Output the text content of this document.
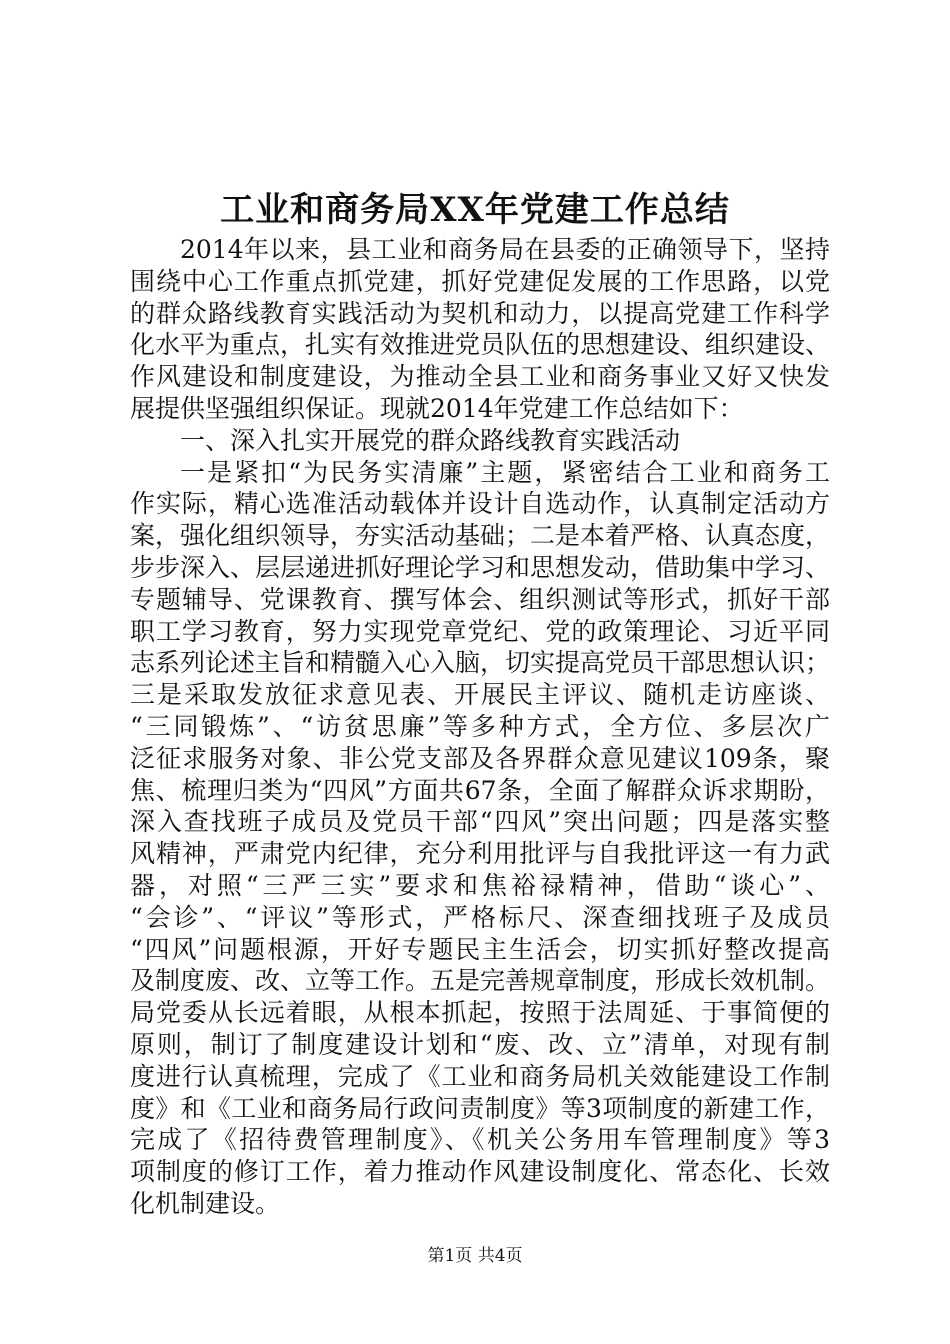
工业和商务局XX年党建工作总结
2014年以来，县工业和商务局在县委的正确领导下，坚持
围绕中心工作重点抓党建，抓好党建促发展的工作思路，以党
的群众路线教育实践活动为契机和动力，以提高党建工作科学
化水平为重点，扎实有效推进党员队伍的思想建设、组织建设、
作风建设和制度建设，为推动全县工业和商务事业又好又快发
展提供坚强组织保证。现就2014年党建工作总结如下：
一、深入扎实开展党的群众路线教育实践活动
一是紧扣“为民务实清廉”主题，紧密结合工业和商务工
作实际，精心选准活动载体并设计自选动作，认真制定活动方
案，强化组织领导，夯实活动基础；二是本着严格、认真态度，
步步深入、层层递进抓好理论学习和思想发动，借助集中学习、
专题辅导、党课教育、撰写体会、组织测试等形式，抓好干部
职工学习教育，努力实现党章党纪、党的政策理论、习近平同
志系列论述主旨和精髓入心入脑，切实提高党员干部思想认识；
三是采取发放征求意见表、开展民主评议、随机走访座谈、
“三同锻炼”、“访贫思廉”等多种方式，全方位、多层次广
泛征求服务对象、非公党支部及各界群众意见建议109条，聚
焦、梳理归类为“四风”方面共67条，全面了解群众诉求期盼，
深入查找班子成员及党员干部“四风”突出问题；四是落实整
风精神，严肃党内纪律，充分利用批评与自我批评这一有力武
器，对照“三严三实”要求和焦裕禄精神，借助“谈心”、
“会诊”、“评议”等形式，严格标尺、深查细找班子及成员
“四风”问题根源，开好专题民主生活会，切实抓好整改提高
及制度废、改、立等工作。五是完善规章制度，形成长效机制。
局党委从长远着眼，从根本抓起，按照于法周延、于事简便的
原则，制订了制度建设计划和“废、改、立”清单，对现有制
度进行认真梳理，完成了《工业和商务局机关效能建设工作制
度》和《工业和商务局行政问责制度》等3项制度的新建工作，
完成了《招待费管理制度》、《机关公务用车管理制度》等3
项制度的修订工作，着力推动作风建设制度化、常态化、长效
化机制建设。
第1页 共4页
